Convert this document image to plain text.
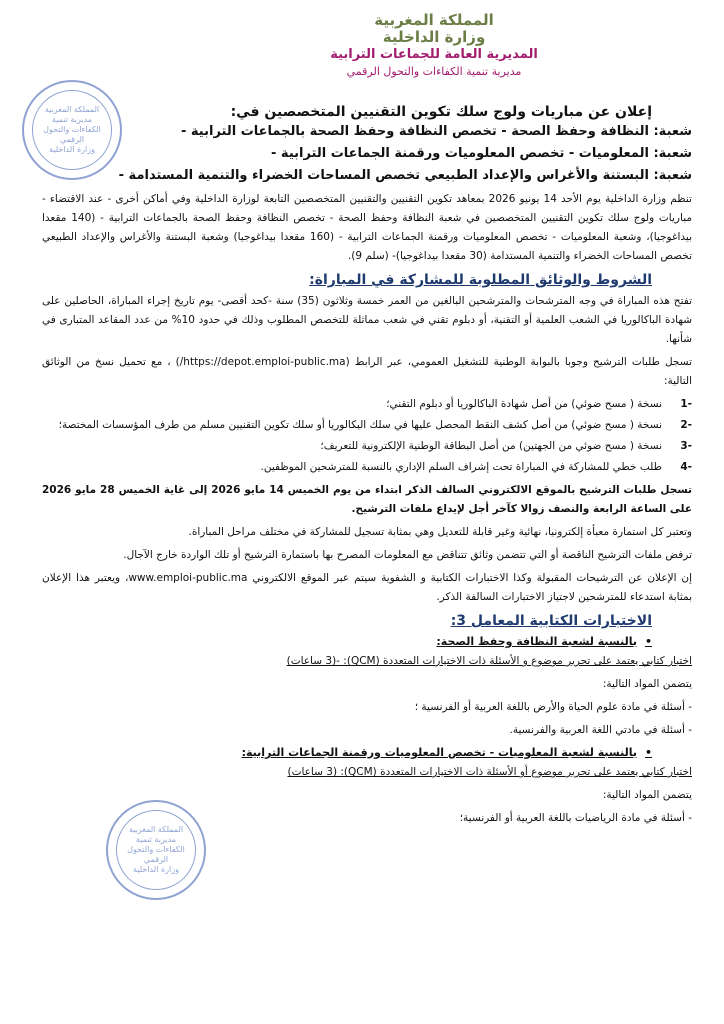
المملكة المغربية
وزارة الداخلية
المديرية العامة للجماعات الترابية
مديرية تنمية الكفاءات والتحول الرقمي
المملكة المغربية
مديرية تنمية
الكفاءات والتحول
الرقمي
وزارة الداخلية
المملكة المغربية
مديرية تنمية
الكفاءات والتحول
الرقمي
وزارة الداخلية
إعلان عن مباريات ولوج سلك تكوين التقنيين المتخصصين في:
شعبة: النظافة وحفظ الصحة - تخصص النظافة وحفظ الصحة بالجماعات الترابية -
شعبة: المعلوميات - تخصص المعلوميات ورقمنة الجماعات الترابية -
شعبة: البستنة والأغراس والإعداد الطبيعي تخصص المساحات الخضراء والتنمية المستدامة -
تنظم وزارة الداخلية يوم الأحد 14 يونيو 2026 بمعاهد تكوين التقنيين والتقنيين المتخصصين التابعة لوزارة الداخلية وفي أماكن أخرى - عند الاقتضاء - مباريات ولوج سلك تكوين التقنيين المتخصصين في شعبة النظافة وحفظ الصحة - تخصص النظافة وحفظ الصحة بالجماعات الترابية - (140 مقعدا بيداغوجيا)، وشعبة المعلوميات - تخصص المعلوميات ورقمنة الجماعات الترابية - (160 مقعدا بيداغوجيا) وشعبة البستنة والأغراس والإعداد الطبيعي تخصص المساحات الخضراء والتنمية المستدامة (30 مقعدا بيداغوجيا)- (سلم 9).
الشروط والوثائق المطلوبة للمشاركة في المباراة:
تفتح هذه المباراة في وجه المترشحات والمترشحين البالغين من العمر خمسة وثلاثون (35) سنة -كحد أقصى- يوم تاريخ إجراء المباراة، الحاصلين على شهادة الباكالوريا في الشعب العلمية أو التقنية، أو دبلوم تقني في شعب مماثلة للتخصص المطلوب وذلك في حدود 10% من عدد المقاعد المتبارى في شأنها.
تسجل طلبات الترشيح وجوبا بالبوابة الوطنية للتشغيل العمومي، عبر الرابط (https://depot.emploi-public.ma/) ، مع تحميل نسخ من الوثائق التالية:
-1
نسخة ( مسح ضوئي) من أصل شهادة الباكالوريا أو دبلوم التقني؛
-2
نسخة ( مسح ضوئي) من أصل كشف النقط المحصل عليها في سلك البكالوريا أو سلك تكوين التقنيين مسلم من طرف المؤسسات المختصة؛
-3
نسخة ( مسح ضوئي من الجهتين) من أصل البطاقة الوطنية الإلكترونية للتعريف؛
-4
طلب خطي للمشاركة في المباراة تحت إشراف السلم الإداري بالنسبة للمترشحين الموظفين.
تسجل طلبات الترشيح بالموقع الالكتروني السالف الذكر ابتداء من يوم الخميس 14 مايو 2026 إلى غاية الخميس 28 مايو 2026 على الساعة الرابعة والنصف زوالا كآخر أجل لإيداع ملفات الترشيح.
وتعتبر كل استمارة معبأة إلكترونيا، نهائية وغير قابلة للتعديل وهي بمثابة تسجيل للمشاركة في مختلف مراحل المباراة.
ترفض ملفات الترشيح الناقصة أو التي تتضمن وثائق تتناقض مع المعلومات المصرح بها باستمارة الترشيح أو تلك الواردة خارج الآجال.
إن الإعلان عن الترشيحات المقبولة وكذا الاختبارات الكتابية و الشفوية سيتم عبر الموقع الالكتروني www.emploi-public.ma، ويعتبر هذا الإعلان بمثابة استدعاء للمترشحين لاجتياز الاختبارات السالفة الذكر.
الاختبارات الكتابية المعامل 3:
• بالنسبة لشعبة النظافة وحفظ الصحة:
اختبار كتابي يعتمد على تحرير موضوع و الأسئلة ذات الاختيارات المتعددة (QCM): -(3 ساعات)
يتضمن المواد التالية:
- أسئلة في مادة علوم الحياة والأرض باللغة العربية أو الفرنسية ؛
- أسئلة في مادتي اللغة العربية والفرنسية.
• بالنسبة لشعبة المعلوميات - تخصص المعلوميات ورقمنة الجماعات الترابية:
اختبار كتابي يعتمد على تحرير موضوع أو الأسئلة ذات الاختيارات المتعددة (QCM): (3 ساعات)
يتضمن المواد التالية:
- أسئلة في مادة الرياضيات باللغة العربية أو الفرنسية؛
